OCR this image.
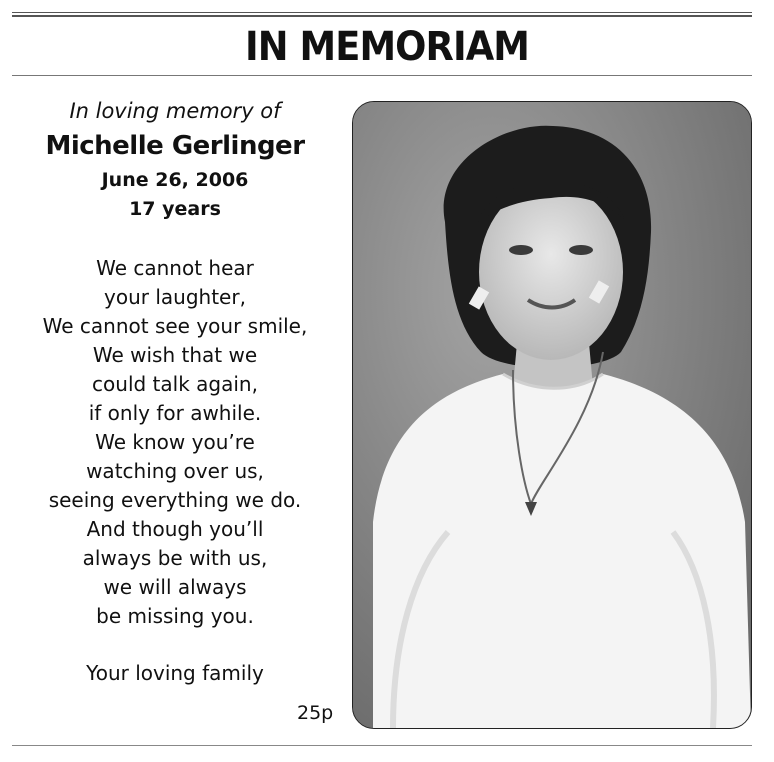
IN MEMORIAM

In loving memory of

Michelle Gerlinger

June 26, 2006

17 years

We cannot hear
your laughter,
We cannot see your smile,
We wish that we
could talk again,
if only for awhile.
We know you’re
watching over us,
seeing everything we do.
And though you’ll
always be with us,
we will always
be missing you.
Your loving family
25p
